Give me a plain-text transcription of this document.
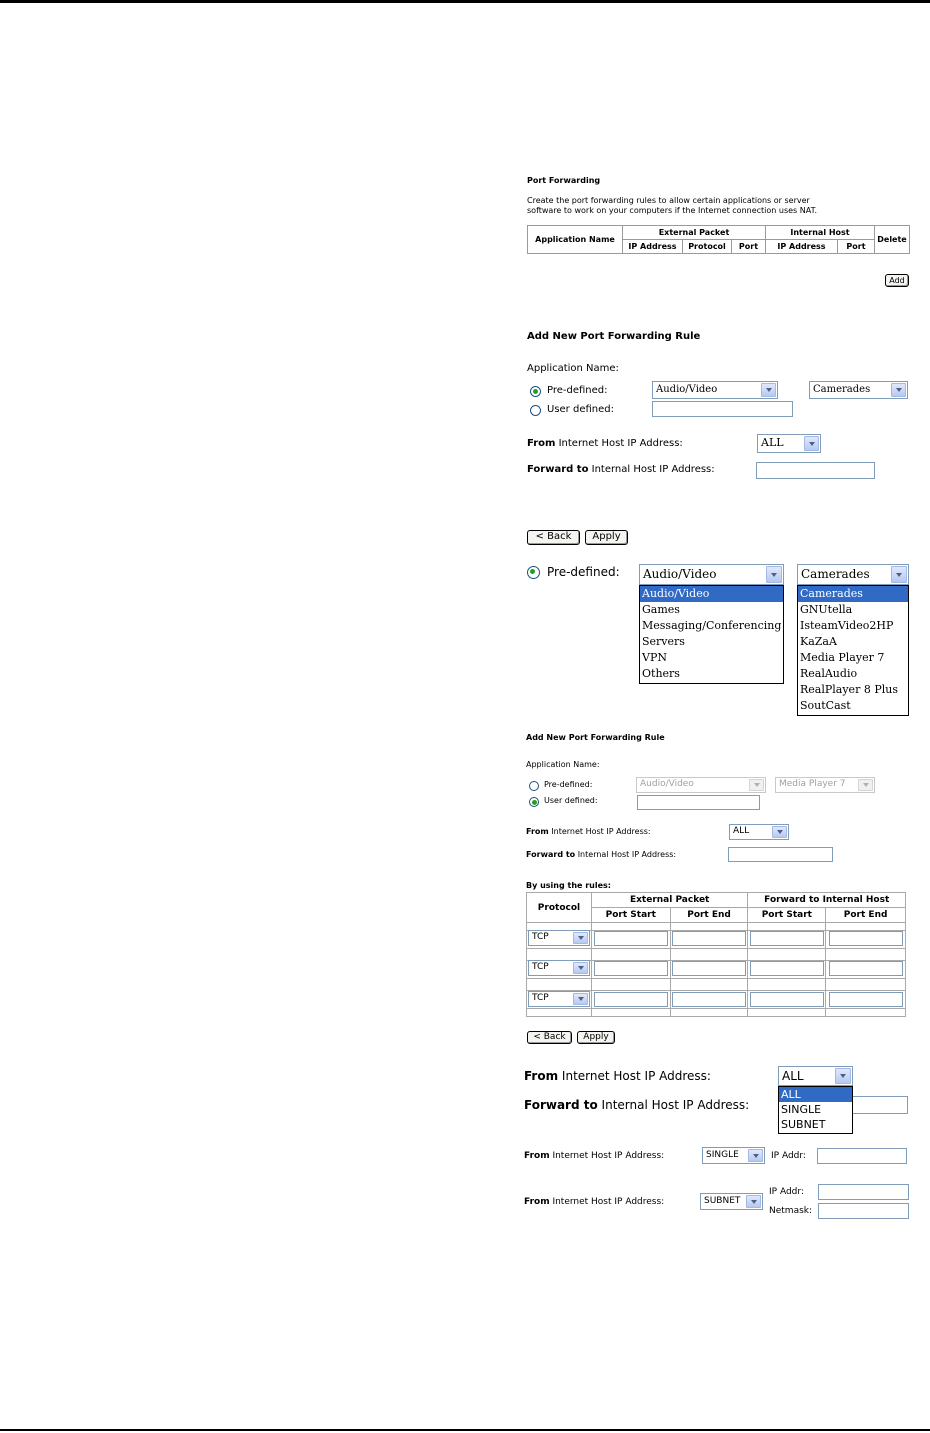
Port Forwarding
Create the port forwarding rules to allow certain applications or server
software to work on your computers if the Internet connection uses NAT.
Application Name	External Packet			Internal Host		Delete
	IP Address	Protocol	Port	IP Address	Port	
Add
Add New Port Forwarding Rule
Application Name:
Pre-defined:	Audio/Video	Camerades
User defined:
From Internet Host IP Address:	ALL
Forward to Internal Host IP Address:
< Back	Apply
Pre-defined: Audio/Video
Audio/Video
Games
Messaging/Conferencing
Servers
VPN
Others
Camerades
Camerades
GNUtella
IsteamVideo2HP
KaZaA
Media Player 7
RealAudio
RealPlayer 8 Plus
SoutCast
Add New Port Forwarding Rule
Application Name:
Pre-defined:	Audio/Video	Media Player 7
User defined:
From Internet Host IP Address:	ALL
Forward to Internal Host IP Address:
By using the rules:
Protocol	External Packet		Forward to Internal Host	
	Port Start	Port End	Port Start	Port End

TCP
TCP
TCP
< Back	Apply
From Internet Host IP Address:
Forward to Internal Host IP Address:
ALL
ALL
SINGLE
SUBNET
From Internet Host IP Address:	SINGLE	IP Addr:
From Internet Host IP Address:	SUBNET
IP Addr:
Netmask:
